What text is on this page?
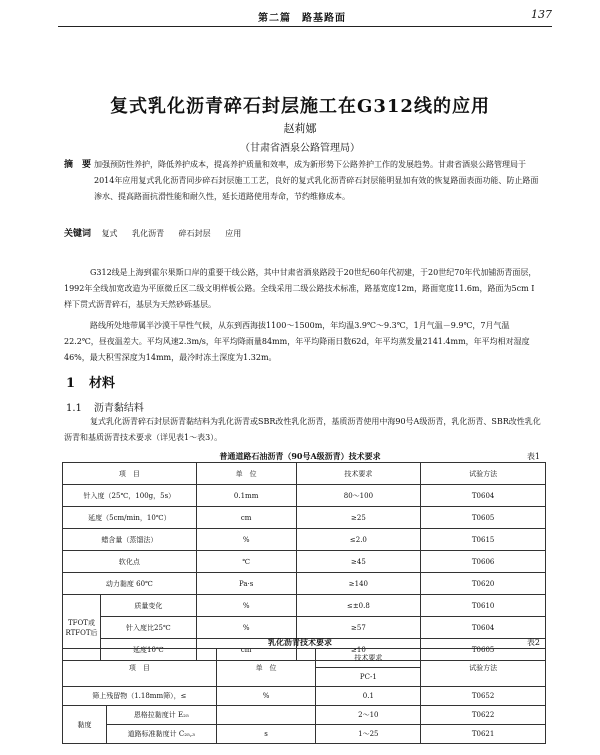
第二篇　路基路面	137
复式乳化沥青碎石封层施工在G312线的应用
赵莉娜
（甘肃省酒泉公路管理局）
摘　要 加强预防性养护，降低养护成本，提高养护质量和效率，成为新形势下公路养护工作的发展趋势。甘肃省酒泉公路管理局于2014年应用复式乳化沥青同步碎石封层施工工艺，良好的复式乳化沥青碎石封层能明显加有效的恢复路面表面功能、防止路面渗水、提高路面抗滑性能和耐久性，延长道路使用寿命，节约维修成本。
关键词 复式 乳化沥青 碎石封层 应用
G312线是上海到霍尔果斯口岸的重要干线公路，其中甘肃省酒泉路段于20世纪60年代初建，于20世纪70年代加铺沥青面层，1992年全线加宽改造为平原微丘区二级文明样板公路。全线采用二级公路技术标准，路基宽度12m，路面宽度11.6m，路面为5cm I 样下贯式沥青碎石，基层为天然砂砾基层。
路线所处地带属半沙漠干旱性气候，从东到西海拔1100～1500m，年均温3.9℃～9.3℃，1月气温－9.9℃，7月气温22.2℃，昼夜温差大。平均风速2.3m/s，年平均降雨量84mm，年平均降雨日数62d，年平均蒸发量2141.4mm，年平均相对湿度46%，最大积雪深度为14mm，最冷时冻土深度为1.32m。
1 材料
1.1 沥青黏结料
复式乳化沥青碎石封层沥青黏结料为乳化沥青或SBR改性乳化沥青，基质沥青使用中海90号A级沥青，乳化沥青、SBR改性乳化沥青和基质沥青技术要求（详见表1～表3）。
普通道路石油沥青（90号A级沥青）技术要求	表1
项　目		单　位	技术要求	试验方法
针入度（25℃，100g，5s）		0.1mm	80～100	T0604
延度（5cm/min，10℃）		cm	≥25	T0605
蜡含量（蒸馏法）		%	≤2.0	T0615
软化点		℃	≥45	T0606
动力黏度 60℃		Pa·s	≥140	T0620
TFOT或RTFOT后	质量变化	%	≤±0.8	T0610
	针入度比25℃	%	≥57	T0604
	延度10℃	cm	≥10	T0605
乳化沥青技术要求	表2
项　目		单　位	技术要求	试验方法
			PC-1	
筛上残留物（1.18mm筛），≤		%	0.1	T0652
黏度	恩格拉黏度计 E₂₅		2～10	T0622
	道路标准黏度计 C₂₅,₃	s	1～25	T0621
